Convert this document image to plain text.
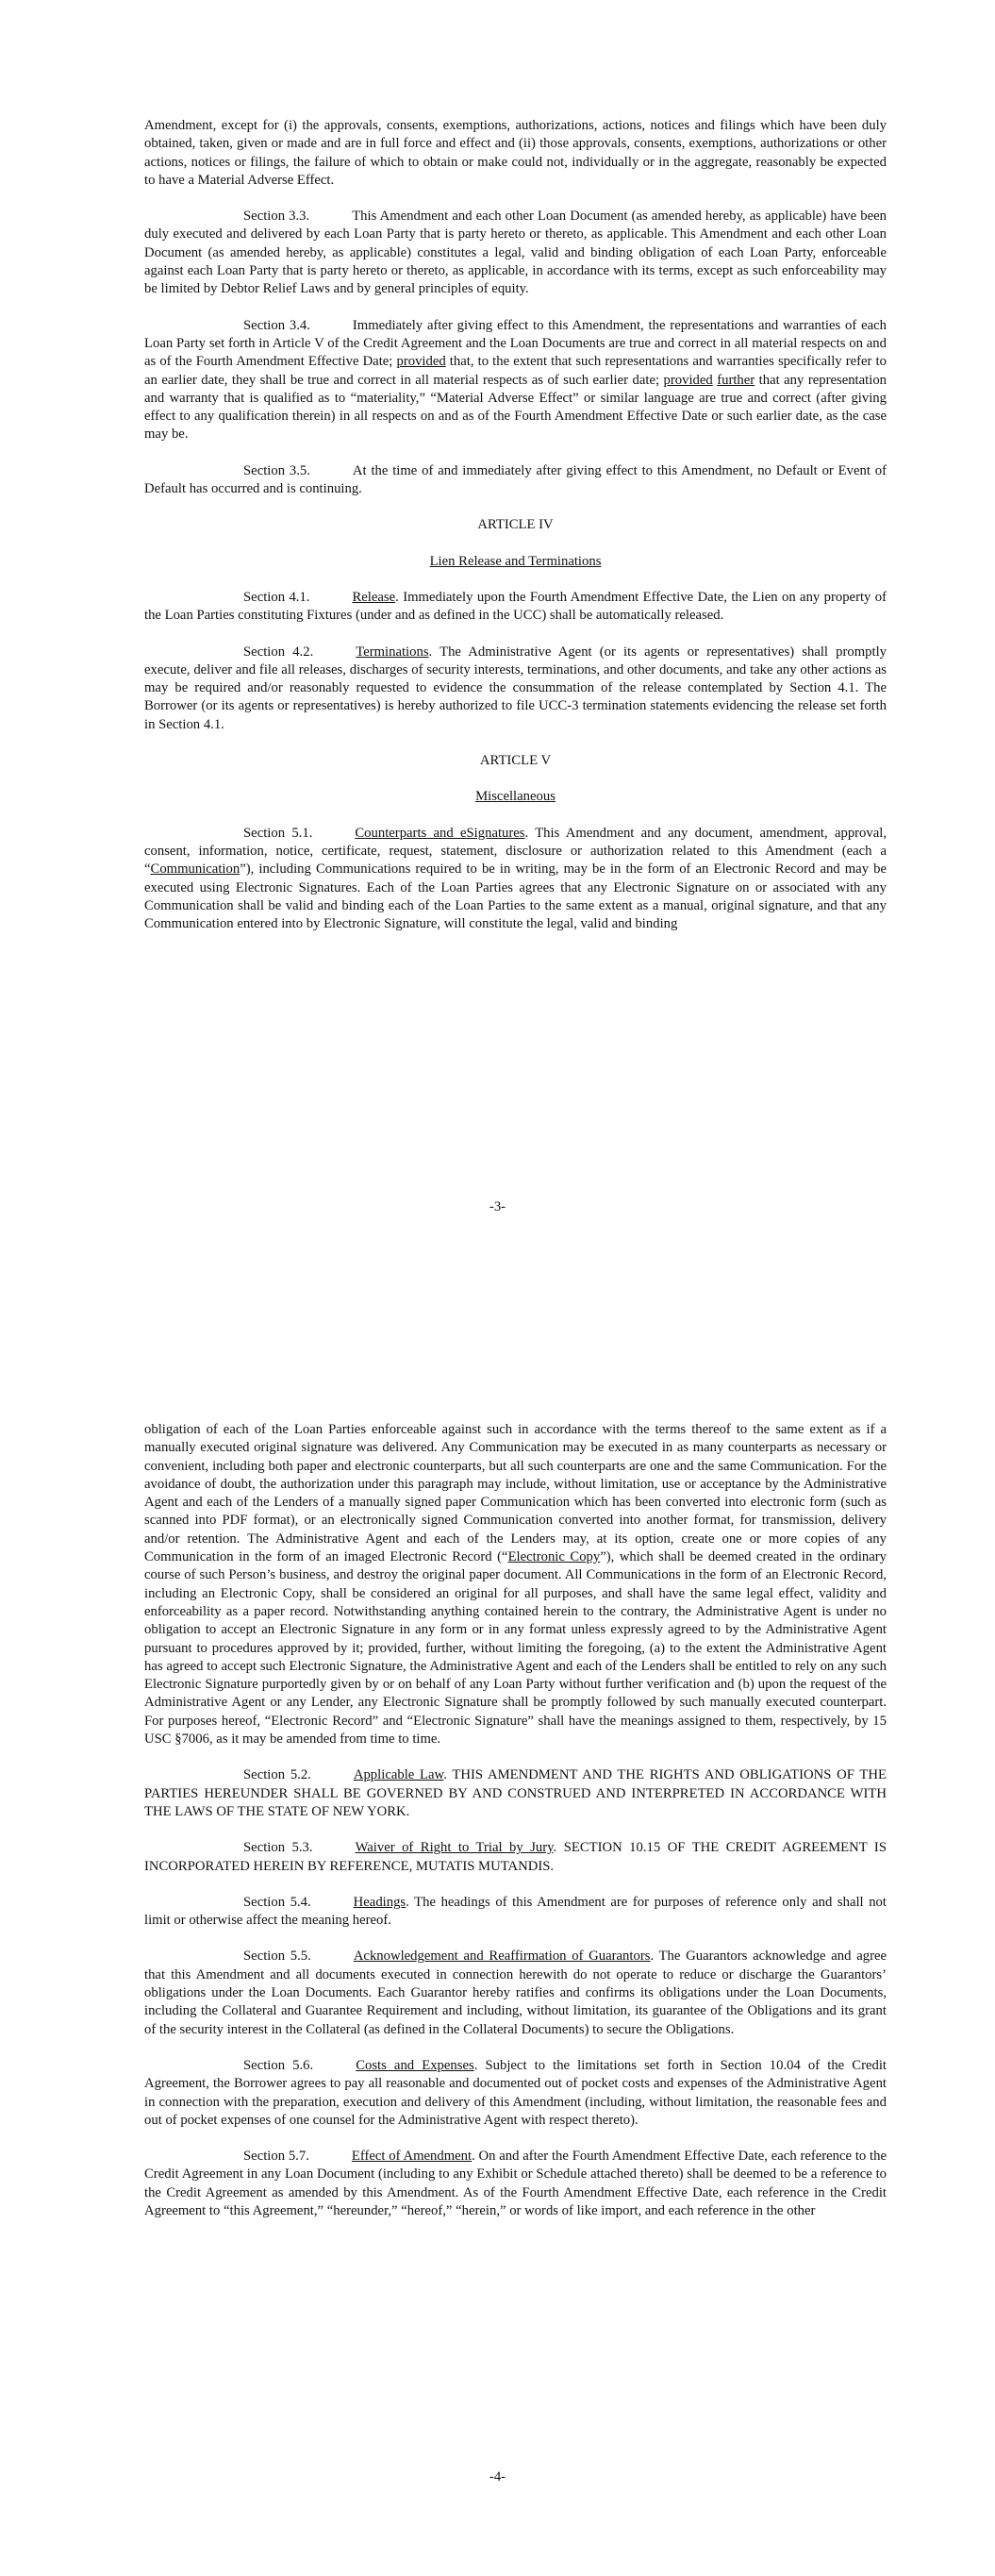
Amendment, except for (i) the approvals, consents, exemptions, authorizations, actions, notices and filings which have been duly obtained, taken, given or made and are in full force and effect and (ii) those approvals, consents, exemptions, authorizations or other actions, notices or filings, the failure of which to obtain or make could not, individually or in the aggregate, reasonably be expected to have a Material Adverse Effect.

Section 3.3.	This Amendment and each other Loan Document (as amended hereby, as applicable) have been duly executed and delivered by each Loan Party that is party hereto or thereto, as applicable. This Amendment and each other Loan Document (as amended hereby, as applicable) constitutes a legal, valid and binding obligation of each Loan Party, enforceable against each Loan Party that is party hereto or thereto, as applicable, in accordance with its terms, except as such enforceability may be limited by Debtor Relief Laws and by general principles of equity.

Section 3.4.	Immediately after giving effect to this Amendment, the representations and warranties of each Loan Party set forth in Article V of the Credit Agreement and the Loan Documents are true and correct in all material respects on and as of the Fourth Amendment Effective Date; provided that, to the extent that such representations and warranties specifically refer to an earlier date, they shall be true and correct in all material respects as of such earlier date; provided further that any representation and warranty that is qualified as to “materiality,” “Material Adverse Effect” or similar language are true and correct (after giving effect to any qualification therein) in all respects on and as of the Fourth Amendment Effective Date or such earlier date, as the case may be.

Section 3.5.	At the time of and immediately after giving effect to this Amendment, no Default or Event of Default has occurred and is continuing.

ARTICLE IV
Lien Release and Terminations

Section 4.1.	Release. Immediately upon the Fourth Amendment Effective Date, the Lien on any property of the Loan Parties constituting Fixtures (under and as defined in the UCC) shall be automatically released.

Section 4.2.	Terminations. The Administrative Agent (or its agents or representatives) shall promptly execute, deliver and file all releases, discharges of security interests, terminations, and other documents, and take any other actions as may be required and/or reasonably requested to evidence the consummation of the release contemplated by Section 4.1. The Borrower (or its agents or representatives) is hereby authorized to file UCC-3 termination statements evidencing the release set forth in Section 4.1.

ARTICLE V
Miscellaneous

Section 5.1.	Counterparts and eSignatures. This Amendment and any document, amendment, approval, consent, information, notice, certificate, request, statement, disclosure or authorization related to this Amendment (each a “Communication”), including Communications required to be in writing, may be in the form of an Electronic Record and may be executed using Electronic Signatures. Each of the Loan Parties agrees that any Electronic Signature on or associated with any Communication shall be valid and binding each of the Loan Parties to the same extent as a manual, original signature, and that any Communication entered into by Electronic Signature, will constitute the legal, valid and binding

-3-

obligation of each of the Loan Parties enforceable against such in accordance with the terms thereof to the same extent as if a manually executed original signature was delivered. Any Communication may be executed in as many counterparts as necessary or convenient, including both paper and electronic counterparts, but all such counterparts are one and the same Communication. For the avoidance of doubt, the authorization under this paragraph may include, without limitation, use or acceptance by the Administrative Agent and each of the Lenders of a manually signed paper Communication which has been converted into electronic form (such as scanned into PDF format), or an electronically signed Communication converted into another format, for transmission, delivery and/or retention. The Administrative Agent and each of the Lenders may, at its option, create one or more copies of any Communication in the form of an imaged Electronic Record (“Electronic Copy”), which shall be deemed created in the ordinary course of such Person’s business, and destroy the original paper document. All Communications in the form of an Electronic Record, including an Electronic Copy, shall be considered an original for all purposes, and shall have the same legal effect, validity and enforceability as a paper record. Notwithstanding anything contained herein to the contrary, the Administrative Agent is under no obligation to accept an Electronic Signature in any form or in any format unless expressly agreed to by the Administrative Agent pursuant to procedures approved by it; provided, further, without limiting the foregoing, (a) to the extent the Administrative Agent has agreed to accept such Electronic Signature, the Administrative Agent and each of the Lenders shall be entitled to rely on any such Electronic Signature purportedly given by or on behalf of any Loan Party without further verification and (b) upon the request of the Administrative Agent or any Lender, any Electronic Signature shall be promptly followed by such manually executed counterpart. For purposes hereof, “Electronic Record” and “Electronic Signature” shall have the meanings assigned to them, respectively, by 15 USC §7006, as it may be amended from time to time.

Section 5.2.	Applicable Law. THIS AMENDMENT AND THE RIGHTS AND OBLIGATIONS OF THE PARTIES HEREUNDER SHALL BE GOVERNED BY AND CONSTRUED AND INTERPRETED IN ACCORDANCE WITH THE LAWS OF THE STATE OF NEW YORK.

Section 5.3.	Waiver of Right to Trial by Jury. SECTION 10.15 OF THE CREDIT AGREEMENT IS INCORPORATED HEREIN BY REFERENCE, MUTATIS MUTANDIS.

Section 5.4.	Headings. The headings of this Amendment are for purposes of reference only and shall not limit or otherwise affect the meaning hereof.

Section 5.5.	Acknowledgement and Reaffirmation of Guarantors. The Guarantors acknowledge and agree that this Amendment and all documents executed in connection herewith do not operate to reduce or discharge the Guarantors’ obligations under the Loan Documents. Each Guarantor hereby ratifies and confirms its obligations under the Loan Documents, including the Collateral and Guarantee Requirement and including, without limitation, its guarantee of the Obligations and its grant of the security interest in the Collateral (as defined in the Collateral Documents) to secure the Obligations.

Section 5.6.	Costs and Expenses. Subject to the limitations set forth in Section 10.04 of the Credit Agreement, the Borrower agrees to pay all reasonable and documented out of pocket costs and expenses of the Administrative Agent in connection with the preparation, execution and delivery of this Amendment (including, without limitation, the reasonable fees and out of pocket expenses of one counsel for the Administrative Agent with respect thereto).

Section 5.7.	Effect of Amendment. On and after the Fourth Amendment Effective Date, each reference to the Credit Agreement in any Loan Document (including to any Exhibit or Schedule attached thereto) shall be deemed to be a reference to the Credit Agreement as amended by this Amendment. As of the Fourth Amendment Effective Date, each reference in the Credit Agreement to “this Agreement,” “hereunder,” “hereof,” “herein,” or words of like import, and each reference in the other

-4-
